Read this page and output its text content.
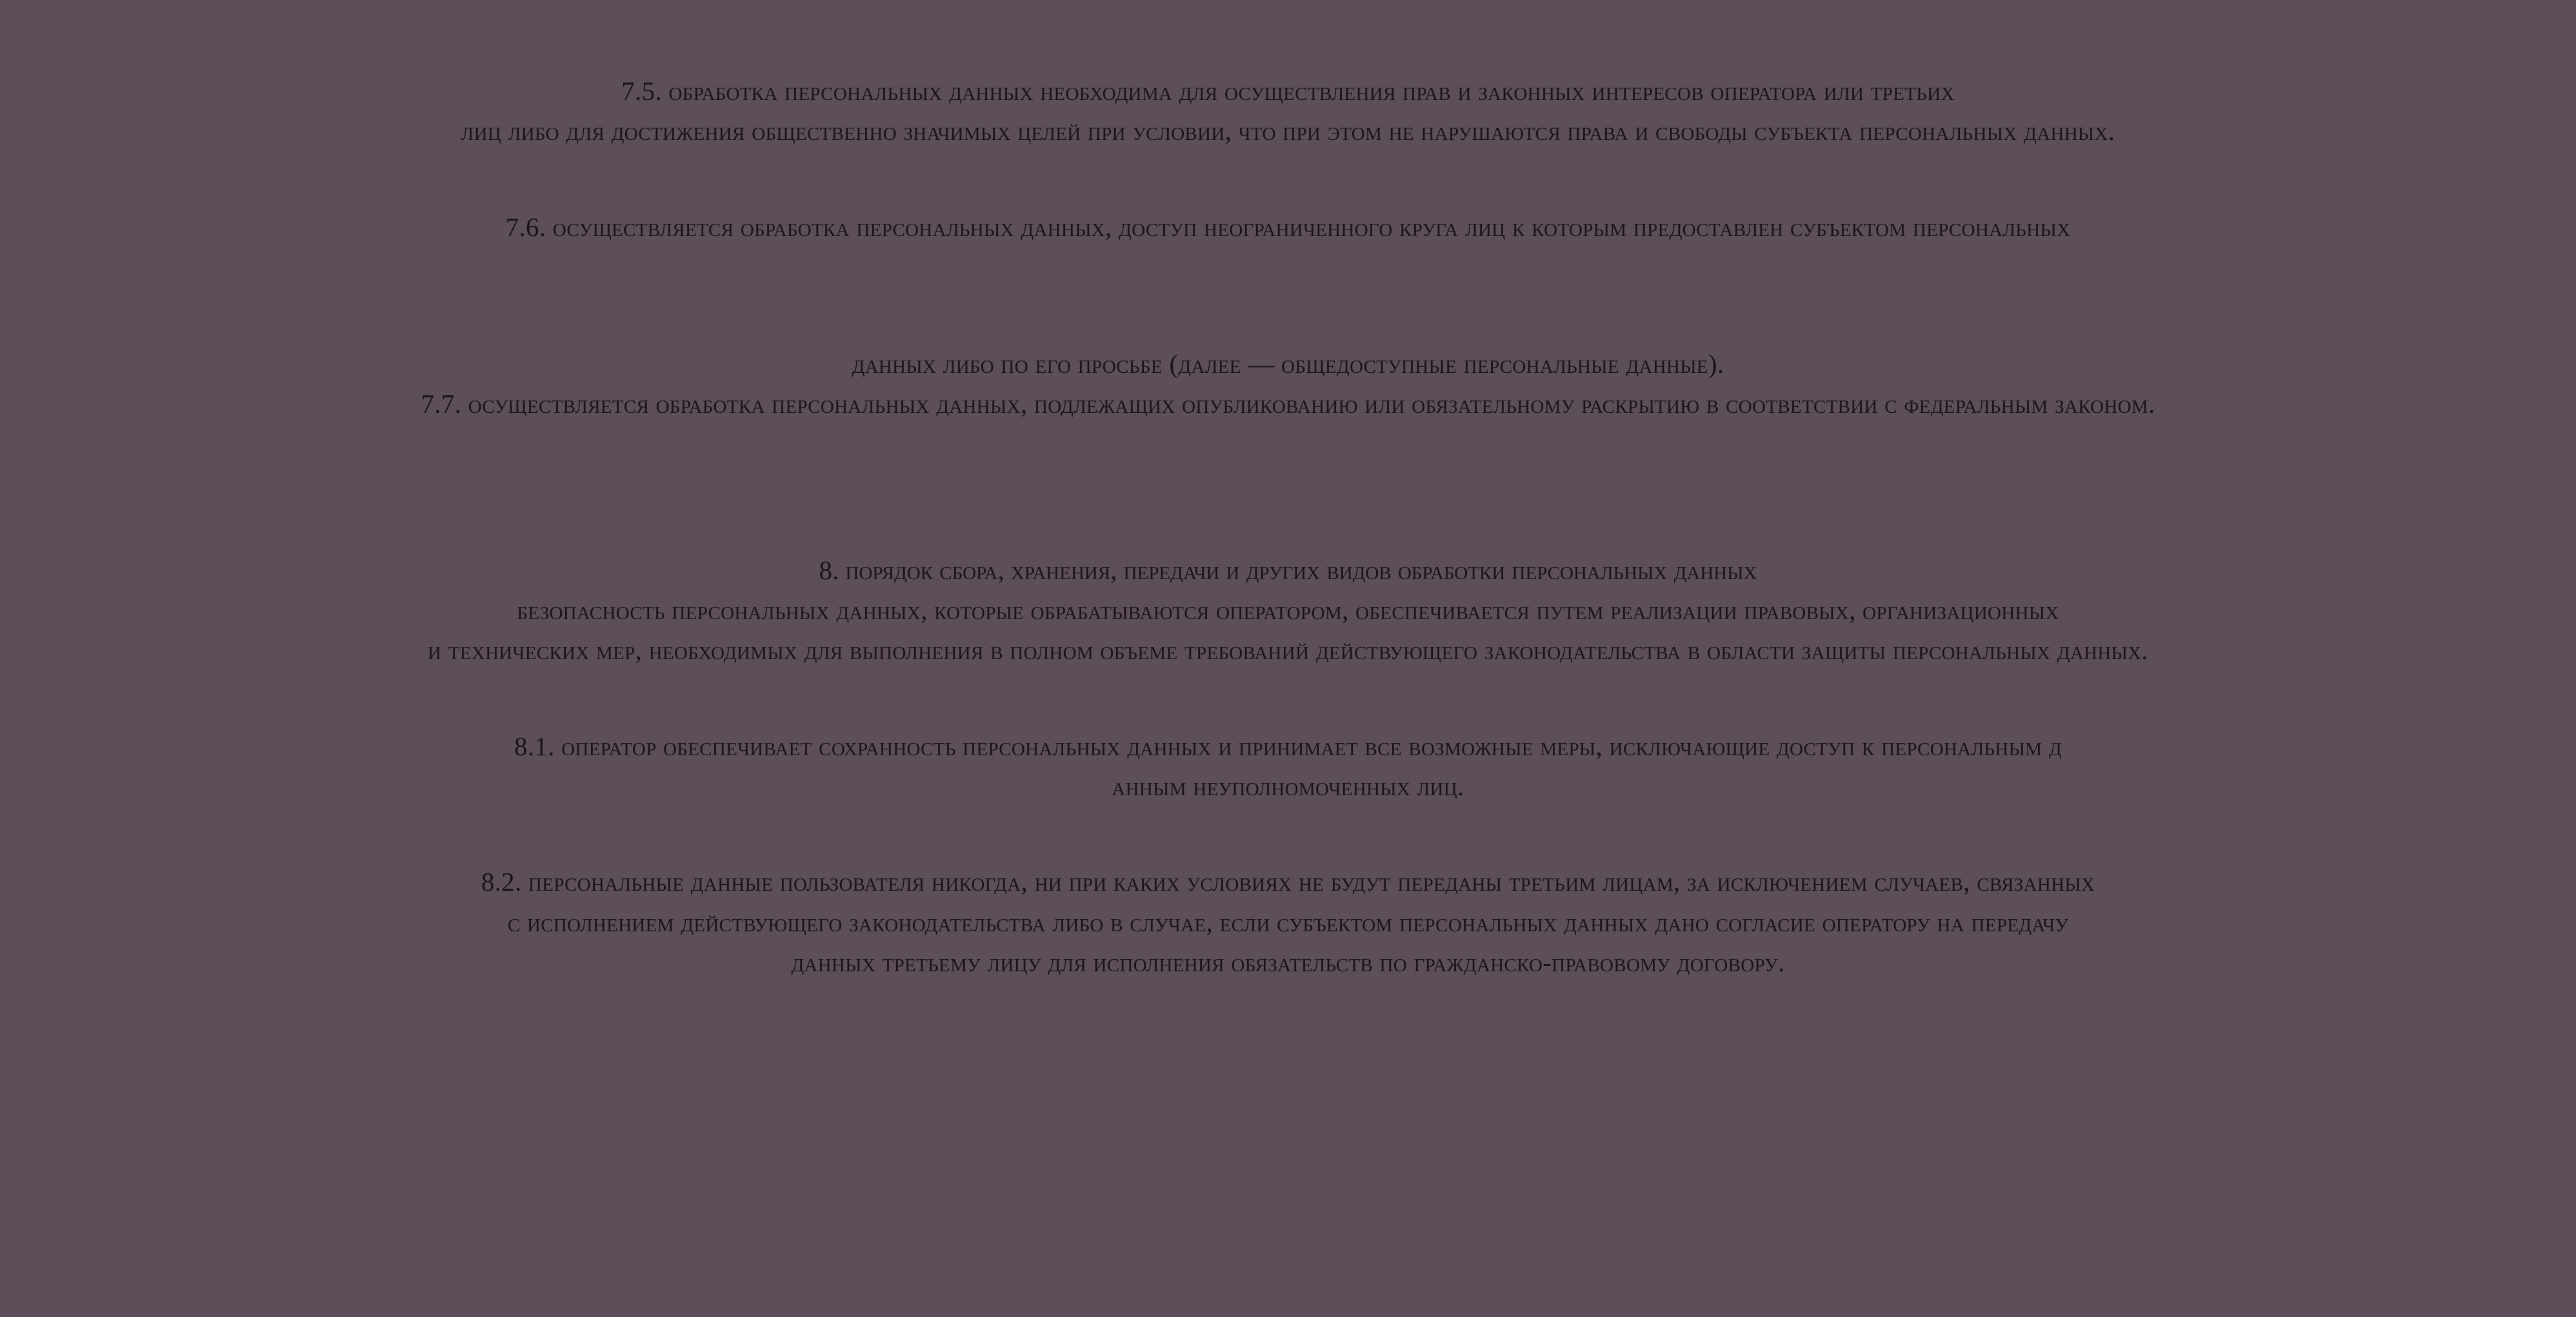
7.5. обработка персональных данных необходима для осуществления прав и законных интересов оператора или третьих

лиц либо для достижения общественно значимых целей при условии, что при этом не нарушаются права и свободы субъекта персональных данных.

7.6. осуществляется обработка персональных данных, доступ неограниченного круга лиц к которым предоставлен субъектом персональных

данных либо по его просьбе (далее — общедоступные персональные данные).

7.7. осуществляется обработка персональных данных, подлежащих опубликованию или обязательному раскрытию в соответствии с федеральным законом.

8. порядок сбора, хранения, передачи и других видов обработки персональных данных

безопасность персональных данных, которые обрабатываются оператором, обеспечивается путем реализации правовых, организационных

и технических мер, необходимых для выполнения в полном объеме требований действующего законодательства в области защиты персональных данных.

8.1. оператор обеспечивает сохранность персональных данных и принимает все возможные меры, исключающие доступ к персональным д

анным неуполномоченных лиц.

8.2. персональные данные пользователя никогда, ни при каких условиях не будут переданы третьим лицам, за исключением случаев, связанных

с исполнением действующего законодательства либо в случае, если субъектом персональных данных дано согласие оператору на передачу

данных третьему лицу для исполнения обязательств по гражданско-правовому договору.
